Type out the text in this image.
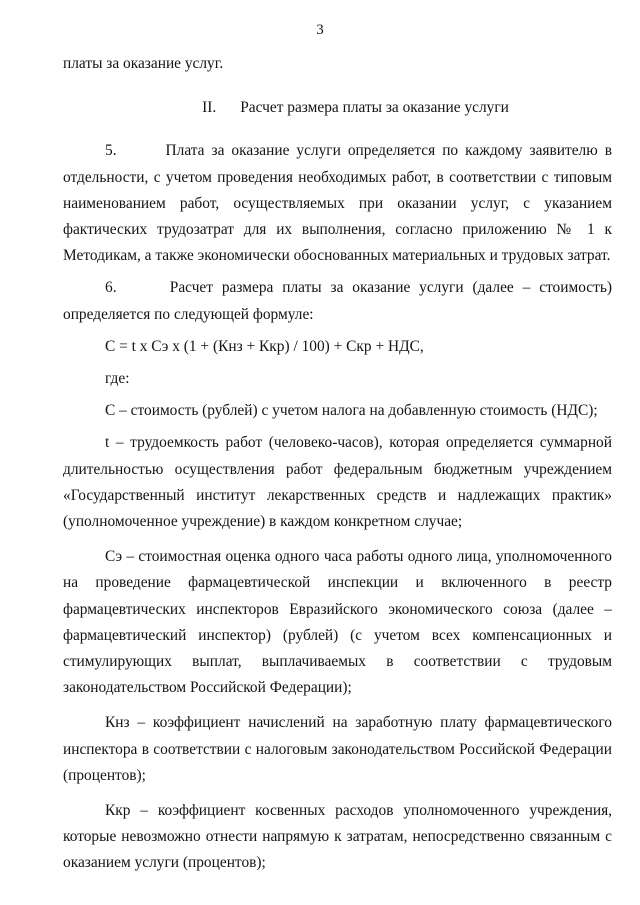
3

платы за оказание услуг.

II. Расчет размера платы за оказание услуги

5.       Плата за оказание услуги определяется по каждому заявителю в отдельности, с учетом проведения необходимых работ, в соответствии с типовым наименованием работ, осуществляемых при оказании услуг, с указанием фактических трудозатрат для их выполнения, согласно приложению № 1 к Методикам, а также экономически обоснованных материальных и трудовых затрат.

6.      Расчет размера платы за оказание услуги (далее – стоимость) определяется по следующей формуле:

С = t x Сэ x (1 + (Кнз + Ккр) / 100) + Скр + НДС,

где:

С – стоимость (рублей) с учетом налога на добавленную стоимость (НДС);

t – трудоемкость работ (человеко-часов), которая определяется суммарной длительностью осуществления работ федеральным бюджетным учреждением «Государственный институт лекарственных средств и надлежащих практик» (уполномоченное учреждение) в каждом конкретном случае;

Сэ – стоимостная оценка одного часа работы одного лица, уполномоченного на проведение фармацевтической инспекции и включенного в реестр фармацевтических инспекторов Евразийского экономического союза (далее – фармацевтический инспектор) (рублей) (с учетом всех компенсационных и стимулирующих выплат, выплачиваемых в соответствии с трудовым законодательством Российской Федерации);

Кнз – коэффициент начислений на заработную плату фармацевтического инспектора в соответствии с налоговым законодательством Российской Федерации (процентов);

Ккр – коэффициент косвенных расходов уполномоченного учреждения, которые невозможно отнести напрямую к затратам, непосредственно связанным с оказанием услуги (процентов);
